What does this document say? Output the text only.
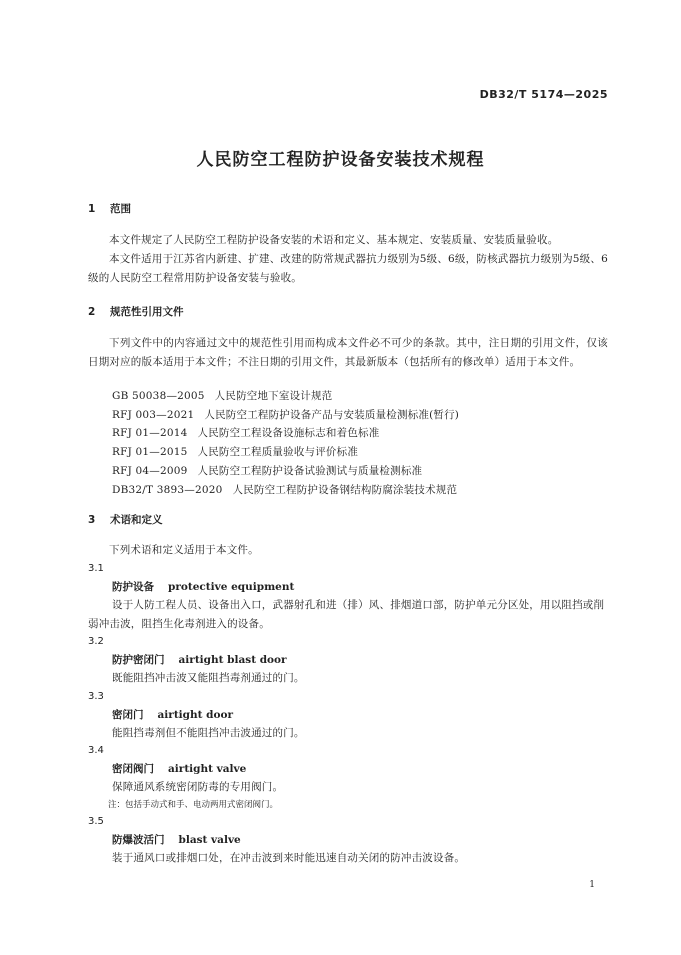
DB32/T 5174—2025
人民防空工程防护设备安装技术规程
1 范围
本文件规定了人民防空工程防护设备安装的术语和定义、基本规定、安装质量、安装质量验收。
本文件适用于江苏省内新建、扩建、改建的防常规武器抗力级别为5级、6级，防核武器抗力级别为5级、6级的人民防空工程常用防护设备安装与验收。
2 规范性引用文件
下列文件中的内容通过文中的规范性引用而构成本文件必不可少的条款。其中，注日期的引用文件，仅该日期对应的版本适用于本文件；不注日期的引用文件，其最新版本（包括所有的修改单）适用于本文件。
GB 50038—2005 人民防空地下室设计规范
RFJ 003—2021 人民防空工程防护设备产品与安装质量检测标准(暂行)
RFJ 01—2014 人民防空工程设备设施标志和着色标准
RFJ 01—2015 人民防空工程质量验收与评价标准
RFJ 04—2009 人民防空工程防护设备试验测试与质量检测标准
DB32/T 3893—2020 人民防空工程防护设备钢结构防腐涂装技术规范
3 术语和定义
下列术语和定义适用于本文件。
3.1
防护设备 protective equipment
设于人防工程人员、设备出入口，武器射孔和进（排）风、排烟道口部，防护单元分区处，用以阻挡或削弱冲击波，阻挡生化毒剂进入的设备。
3.2
防护密闭门 airtight blast door
既能阻挡冲击波又能阻挡毒剂通过的门。
3.3
密闭门 airtight door
能阻挡毒剂但不能阻挡冲击波通过的门。
3.4
密闭阀门 airtight valve
保障通风系统密闭防毒的专用阀门。
注：包括手动式和手、电动两用式密闭阀门。
3.5
防爆波活门 blast valve
装于通风口或排烟口处，在冲击波到来时能迅速自动关闭的防冲击波设备。
1
